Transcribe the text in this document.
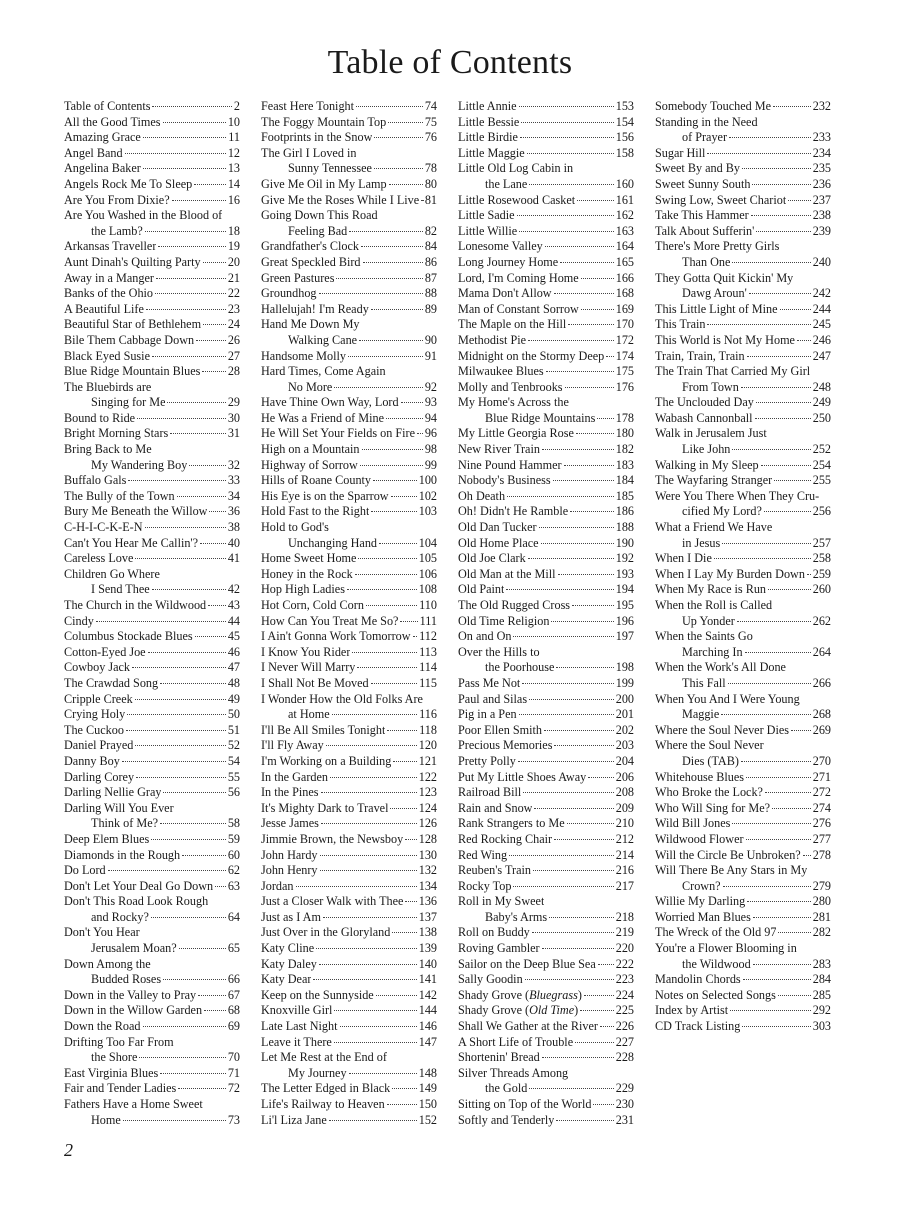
Table of Contents
Table of Contents	2
All the Good Times	10
Amazing Grace	11
Angel Band	12
Angelina Baker	13
Angels Rock Me To Sleep	14
Are You From Dixie?	16
Are You Washed in the Blood of
the Lamb?	18
Arkansas Traveller	19
Aunt Dinah's Quilting Party 20
Away in a Manger	21
Banks of the Ohio	22
A Beautiful Life	23
Beautiful Star of Bethlehem 24
Bile Them Cabbage Down	26
Black Eyed Susie	27
Blue Ridge Mountain Blues 28
The Bluebirds are
Singing for Me	29
Bound to Ride	30
Bright Morning Stars	31
Bring Back to Me
My Wandering Boy	32
Buffalo Gals	33
The Bully of the Town	34
Bury Me Beneath the Willow 36
C-H-I-C-K-E-N	38
Can't You Hear Me Callin'? 40
Careless Love	41
Children Go Where
I Send Thee	42
The Church in the Wildwood 43
Cindy	44
Columbus Stockade Blues	45
Cotton-Eyed Joe	46
Cowboy Jack	47
The Crawdad Song	48
Cripple Creek	49
Crying Holy	50
The Cuckoo	51
Daniel Prayed	52
Danny Boy	54
Darling Corey	55
Darling Nellie Gray	56
Darling Will You Ever
Think of Me?	58
Deep Elem Blues	59
Diamonds in the Rough	60
Do Lord	62
Don't Let Your Deal Go Down 63
Don't This Road Look Rough
and Rocky?	64
Don't You Hear
Jerusalem Moan?	65
Down Among the
Budded Roses	66
Down in the Valley to Pray	67
Down in the Willow Garden 68
Down the Road	69
Drifting Too Far From
the Shore	70
East Virginia Blues	71
Fair and Tender Ladies	72
Fathers Have a Home Sweet
Home	73
Feast Here Tonight	74
The Foggy Mountain Top	75
Footprints in the Snow	76
The Girl I Loved in
Sunny Tennessee	78
Give Me Oil in My Lamp	80
Give Me the Roses While I Live 81
Going Down This Road
Feeling Bad	82
Grandfather's Clock	84
Great Speckled Bird	86
Green Pastures	87
Groundhog	88
Hallelujah! I'm Ready	89
Hand Me Down My
Walking Cane	90
Handsome Molly	91
Hard Times, Come Again
No More	92
Have Thine Own Way, Lord 93
He Was a Friend of Mine	94
He Will Set Your Fields on Fire 96
High on a Mountain	98
Highway of Sorrow	99
Hills of Roane County	100
His Eye is on the Sparrow 102
Hold Fast to the Right	103
Hold to God's
Unchanging Hand	104
Home Sweet Home	105
Honey in the Rock	106
Hop High Ladies	108
Hot Corn, Cold Corn	110
How Can You Treat Me So? 111
I Ain't Gonna Work Tomorrow 112
I Know You Rider	113
I Never Will Marry	114
I Shall Not Be Moved	115
I Wonder How the Old Folks Are
at Home	116
I'll Be All Smiles Tonight	118
I'll Fly Away	120
I'm Working on a Building 121
In the Garden	122
In the Pines	123
It's Mighty Dark to Travel 124
Jesse James	126
Jimmie Brown, the Newsboy 128
John Hardy	130
John Henry	132
Jordan	134
Just a Closer Walk with Thee 136
Just as I Am	137
Just Over in the Gloryland 138
Katy Cline	139
Katy Daley	140
Katy Dear	141
Keep on the Sunnyside	142
Knoxville Girl	144
Late Last Night	146
Leave it There	147
Let Me Rest at the End of
My Journey	148
The Letter Edged in Black 149
Life's Railway to Heaven	150
Li'l Liza Jane	152
Little Annie	153
Little Bessie	154
Little Birdie	156
Little Maggie	158
Little Old Log Cabin in
the Lane	160
Little Rosewood Casket	161
Little Sadie	162
Little Willie	163
Lonesome Valley	164
Long Journey Home	165
Lord, I'm Coming Home	166
Mama Don't Allow	168
Man of Constant Sorrow	169
The Maple on the Hill	170
Methodist Pie	172
Midnight on the Stormy Deep 174
Milwaukee Blues	175
Molly and Tenbrooks	176
My Home's Across the
Blue Ridge Mountains 178
My Little Georgia Rose	180
New River Train	182
Nine Pound Hammer	183
Nobody's Business	184
Oh Death	185
Oh! Didn't He Ramble	186
Old Dan Tucker	188
Old Home Place	190
Old Joe Clark	192
Old Man at the Mill	193
Old Paint	194
The Old Rugged Cross	195
Old Time Religion	196
On and On	197
Over the Hills to
the Poorhouse	198
Pass Me Not	199
Paul and Silas	200
Pig in a Pen	201
Poor Ellen Smith	202
Precious Memories	203
Pretty Polly	204
Put My Little Shoes Away 206
Railroad Bill	208
Rain and Snow	209
Rank Strangers to Me	210
Red Rocking Chair	212
Red Wing	214
Reuben's Train	216
Rocky Top	217
Roll in My Sweet
Baby's Arms	218
Roll on Buddy	219
Roving Gambler	220
Sailor on the Deep Blue Sea 222
Sally Goodin	223
Shady Grove (Bluegrass)	224
Shady Grove (Old Time)	225
Shall We Gather at the River 226
A Short Life of Trouble	227
Shortenin' Bread	228
Silver Threads Among
the Gold	229
Sitting on Top of the World 230
Softly and Tenderly	231
Somebody Touched Me	232
Standing in the Need
of Prayer	233
Sugar Hill	234
Sweet By and By	235
Sweet Sunny South	236
Swing Low, Sweet Chariot 237
Take This Hammer	238
Talk About Sufferin'	239
There's More Pretty Girls
Than One	240
They Gotta Quit Kickin' My
Dawg Aroun'	242
This Little Light of Mine	244
This Train	245
This World is Not My Home 246
Train, Train, Train	247
The Train That Carried My Girl
From Town	248
The Unclouded Day	249
Wabash Cannonball	250
Walk in Jerusalem Just
Like John	252
Walking in My Sleep	254
The Wayfaring Stranger	255
Were You There When They Cru-
cified My Lord?	256
What a Friend We Have
in Jesus	257
When I Die	258
When I Lay My Burden Down 259
When My Race is Run	260
When the Roll is Called
Up Yonder	262
When the Saints Go
Marching In	264
When the Work's All Done
This Fall	266
When You And I Were Young
Maggie	268
Where the Soul Never Dies 269
Where the Soul Never
Dies (TAB)	270
Whitehouse Blues	271
Who Broke the Lock?	272
Who Will Sing for Me?	274
Wild Bill Jones	276
Wildwood Flower	277
Will the Circle Be Unbroken? 278
Will There Be Any Stars in My
Crown?	279
Willie My Darling	280
Worried Man Blues	281
The Wreck of the Old 97	282
You're a Flower Blooming in
the Wildwood	283
Mandolin Chords	284
Notes on Selected Songs	285
Index by Artist	292
CD Track Listing	303
2
